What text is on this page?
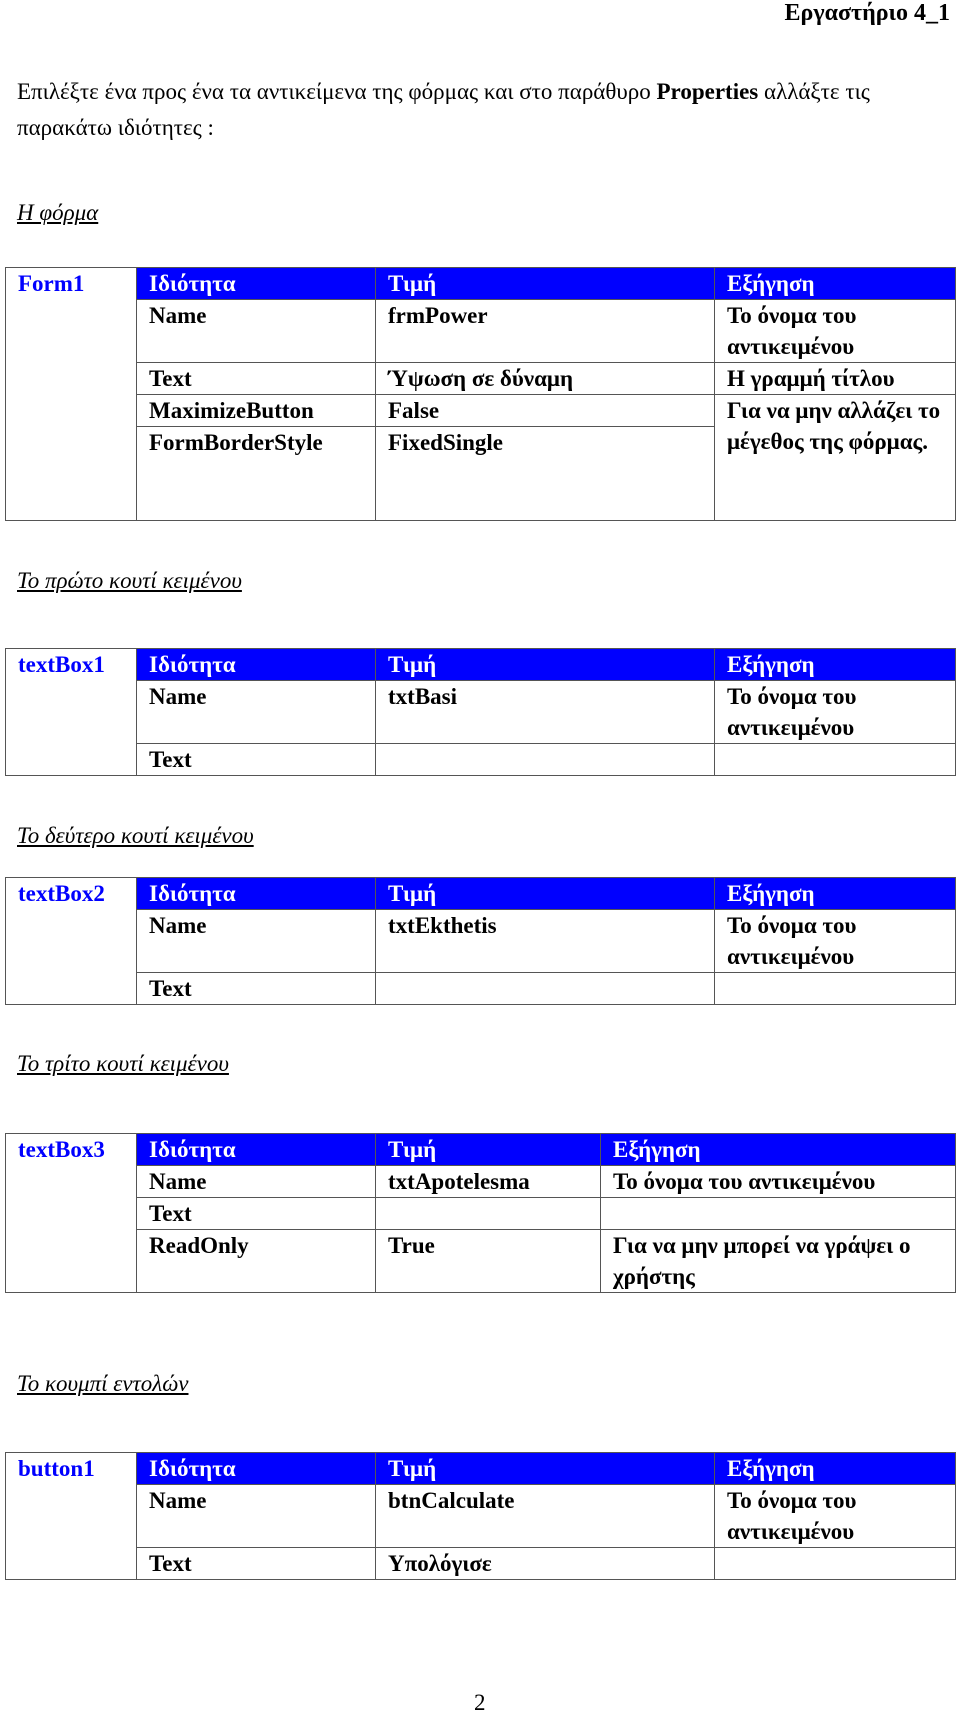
Εργαστήριο 4_1
Επιλέξτε ένα προς ένα τα αντικείμενα της φόρμας και στο παράθυρο Properties αλλάξτε τις παρακάτω ιδιότητες :
Η φόρμα
Form1	Ιδιότητα	Τιμή	Εξήγηση
	Name	frmPower	Το όνομα του αντικειμένου
	Text	Ύψωση σε δύναμη	Η γραμμή τίτλου
	MaximizeButton	False	Για να μην αλλάζει το μέγεθος της φόρμας.
	FormBorderStyle	FixedSingle	
Το πρώτο κουτί κειμένου
textBox1	Ιδιότητα	Τιμή	Εξήγηση
	Name	txtBasi	Το όνομα του αντικειμένου
	Text		
Το δεύτερο κουτί κειμένου
textBox2	Ιδιότητα	Τιμή	Εξήγηση
	Name	txtEkthetis	Το όνομα του αντικειμένου
	Text		
Το τρίτο κουτί κειμένου
textBox3	Ιδιότητα	Τιμή	Εξήγηση
	Name	txtApotelesma	Το όνομα του αντικειμένου
	Text		
	ReadOnly	True	Για να μην μπορεί να γράψει ο χρήστης
Το κουμπί εντολών
button1	Ιδιότητα	Τιμή	Εξήγηση
	Name	btnCalculate	Το όνομα του αντικειμένου
	Text	Υπολόγισε	
2
